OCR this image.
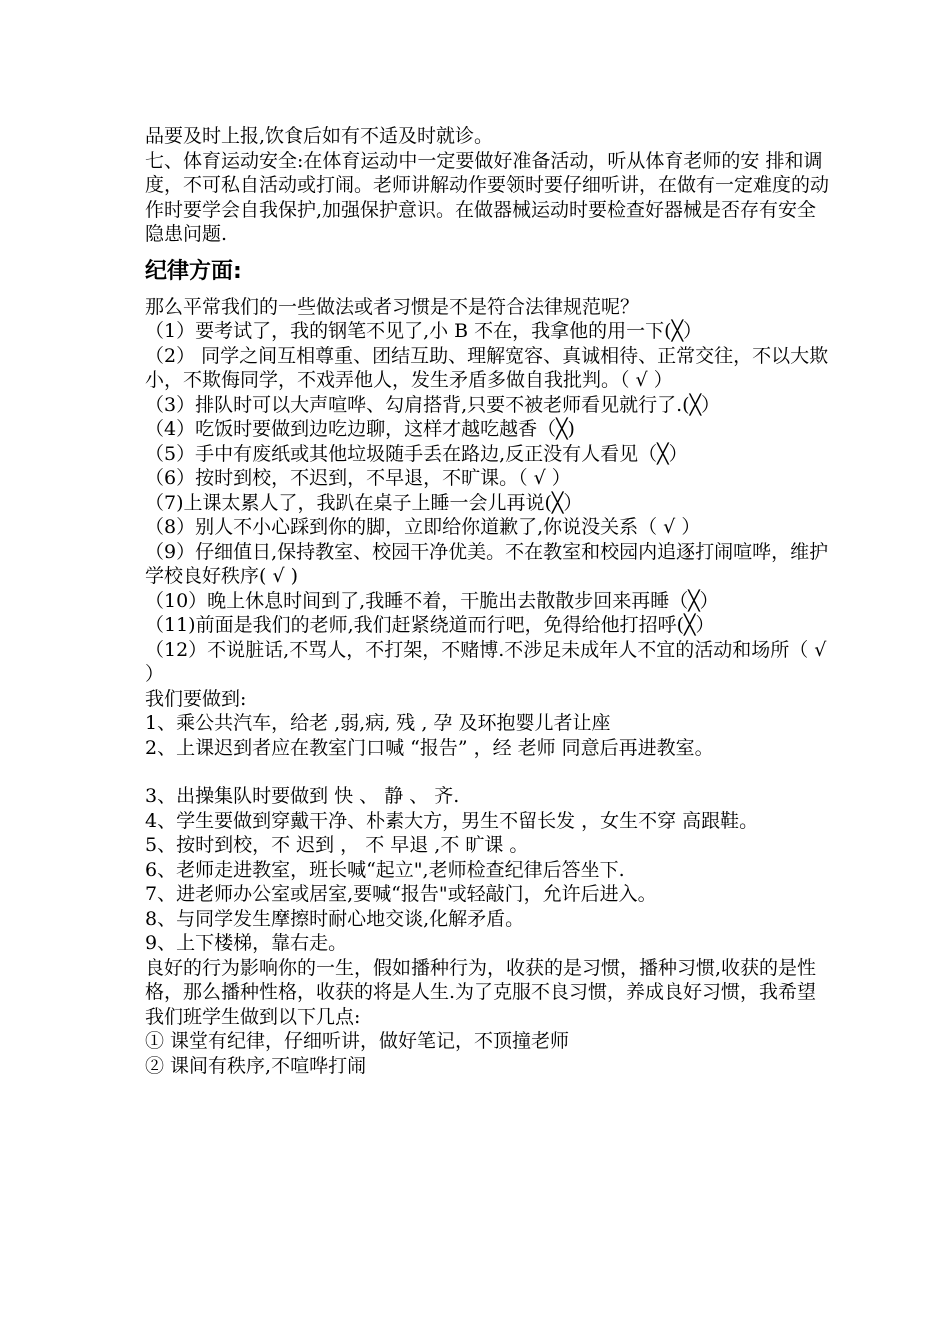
品要及时上报,饮食后如有不适及时就诊。

七、体育运动安全:在体育运动中一定要做好准备活动，听从体育老师的安 排和调度，不可私自活动或打闹。老师讲解动作要领时要仔细听讲，在做有一定难度的动作时要学会自我保护,加强保护意识。在做器械运动时要检查好器械是否存有安全隐患问题.

纪律方面:

那么平常我们的一些做法或者习惯是不是符合法律规范呢？

（1）要考试了，我的钢笔不见了,小 B 不在，我拿他的用一下(╳）

（2） 同学之间互相尊重、团结互助、理解宽容、真诚相待、正常交往，不以大欺小，不欺侮同学，不戏弄他人，发生矛盾多做自我批判。（ √ ）

（3）排队时可以大声喧哗、勾肩搭背,只要不被老师看见就行了.(╳）

（4）吃饭时要做到边吃边聊，这样才越吃越香（╳)

（5）手中有废纸或其他垃圾随手丢在路边,反正没有人看见（╳）

（6）按时到校，不迟到，不早退，不旷课。（ √ ）

（7)上课太累人了，我趴在桌子上睡一会儿再说(╳）

（8）别人不小心踩到你的脚，立即给你道歉了,你说没关系（ √ ）

（9）仔细值日,保持教室、校园干净优美。不在教室和校园内追逐打闹喧哗，维护学校良好秩序( √ )

（10）晚上休息时间到了,我睡不着，干脆出去散散步回来再睡（╳）

（11)前面是我们的老师,我们赶紧绕道而行吧，免得给他打招呼(╳）

（12）不说脏话,不骂人，不打架，不赌博.不涉足未成年人不宜的活动和场所（ √ ）

我们要做到:

1、乘公共汽车，给老 ,弱,病, 残 , 孕 及环抱婴儿者让座

2、上课迟到者应在教室门口喊 “报告” ，经 老师 同意后再进教室。

3、出操集队时要做到 快 、 静 、 齐.

4、学生要做到穿戴干净、朴素大方，男生不留长发 ，女生不穿 高跟鞋。

5、按时到校，不 迟到 ， 不 早退 ,不 旷课 。

6、老师走进教室，班长喊“起立",老师检查纪律后答坐下.

7、进老师办公室或居室,要喊“报告"或轻敲门，允许后进入。

8、与同学发生摩擦时耐心地交谈,化解矛盾。

9、上下楼梯，靠右走。

良好的行为影响你的一生，假如播种行为，收获的是习惯，播种习惯,收获的是性格，那么播种性格，收获的将是人生.为了克服不良习惯，养成良好习惯，我希望我们班学生做到以下几点:

① 课堂有纪律，仔细听讲，做好笔记，不顶撞老师

② 课间有秩序,不喧哗打闹
